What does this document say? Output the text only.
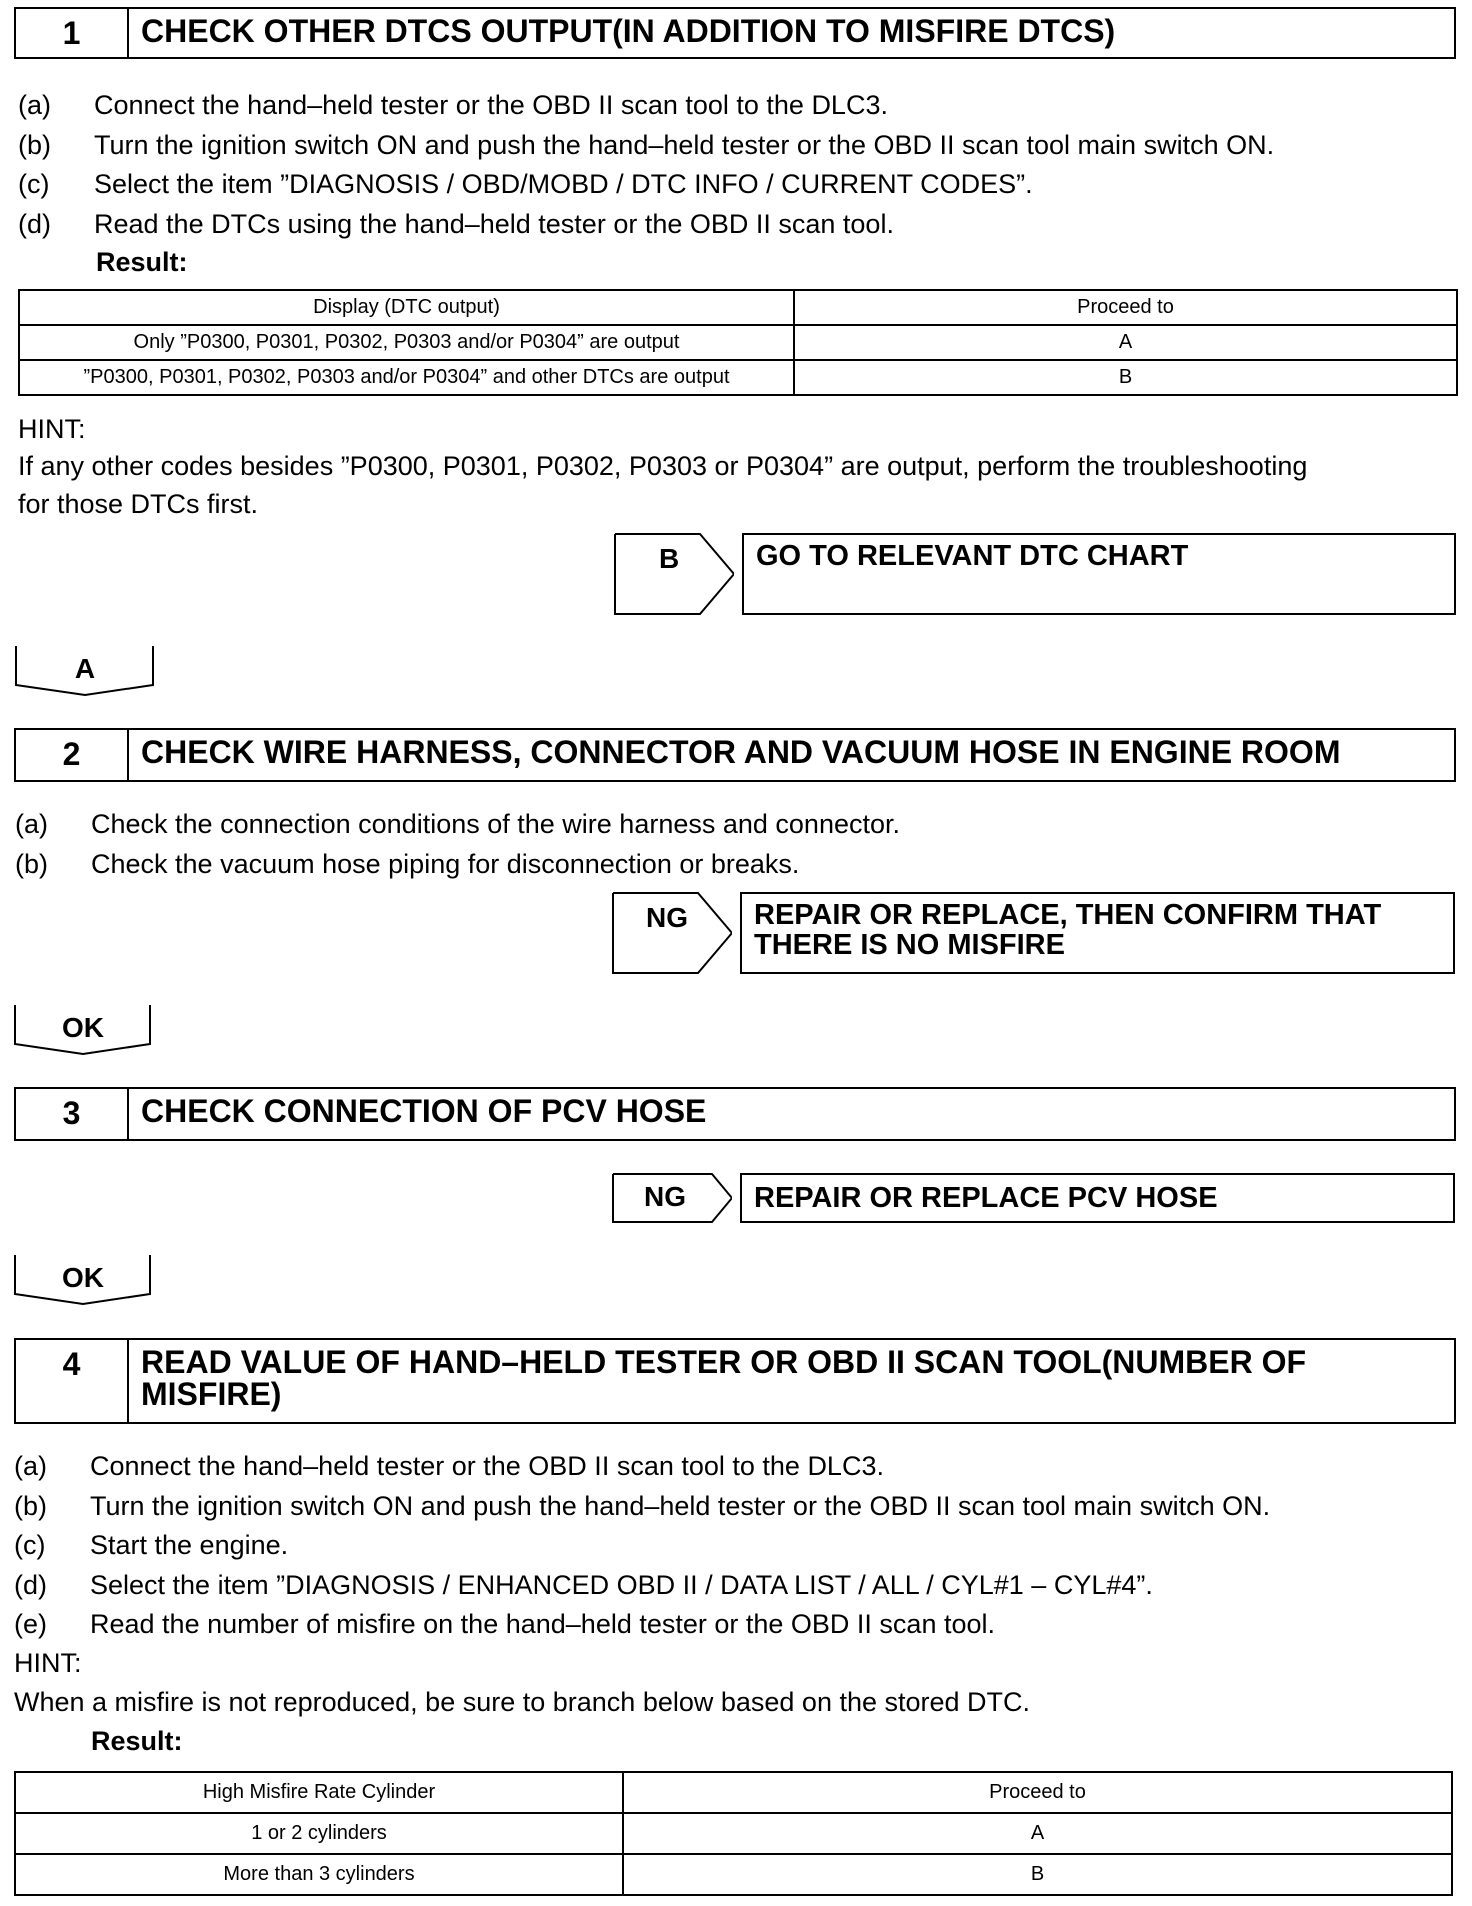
1	CHECK OTHER DTCS OUTPUT(IN ADDITION TO MISFIRE DTCS)
(a) Connect the hand–held tester or the OBD II scan tool to the DLC3.
(b) Turn the ignition switch ON and push the hand–held tester or the OBD II scan tool main switch ON.
(c) Select the item ”DIAGNOSIS / OBD/MOBD / DTC INFO / CURRENT CODES”.
(d) Read the DTCs using the hand–held tester or the OBD II scan tool.
Result:
Display (DTC output)	Proceed to
Only ”P0300, P0301, P0302, P0303 and/or P0304” are output	A
”P0300, P0301, P0302, P0303 and/or P0304” and other DTCs are output	B
HINT:
If any other codes besides ”P0300, P0301, P0302, P0303 or P0304” are output, perform the troubleshooting
for those DTCs first.
B	GO TO RELEVANT DTC CHART
A
2	CHECK WIRE HARNESS, CONNECTOR AND VACUUM HOSE IN ENGINE ROOM
(a) Check the connection conditions of the wire harness and connector.
(b) Check the vacuum hose piping for disconnection or breaks.
NG REPAIR OR REPLACE, THEN CONFIRM THAT
THERE IS NO MISFIRE
OK
3	CHECK CONNECTION OF PCV HOSE
NG	REPAIR OR REPLACE PCV HOSE
OK
4	READ VALUE OF HAND–HELD TESTER OR OBD II SCAN TOOL(NUMBER OF
MISFIRE)
(a) Connect the hand–held tester or the OBD II scan tool to the DLC3.
(b) Turn the ignition switch ON and push the hand–held tester or the OBD II scan tool main switch ON.
(c) Start the engine.
(d) Select the item ”DIAGNOSIS / ENHANCED OBD II / DATA LIST / ALL / CYL#1 – CYL#4”.
(e) Read the number of misfire on the hand–held tester or the OBD II scan tool.
HINT:
When a misfire is not reproduced, be sure to branch below based on the stored DTC.
Result:
High Misfire Rate Cylinder	Proceed to
1 or 2 cylinders	A
More than 3 cylinders	B
